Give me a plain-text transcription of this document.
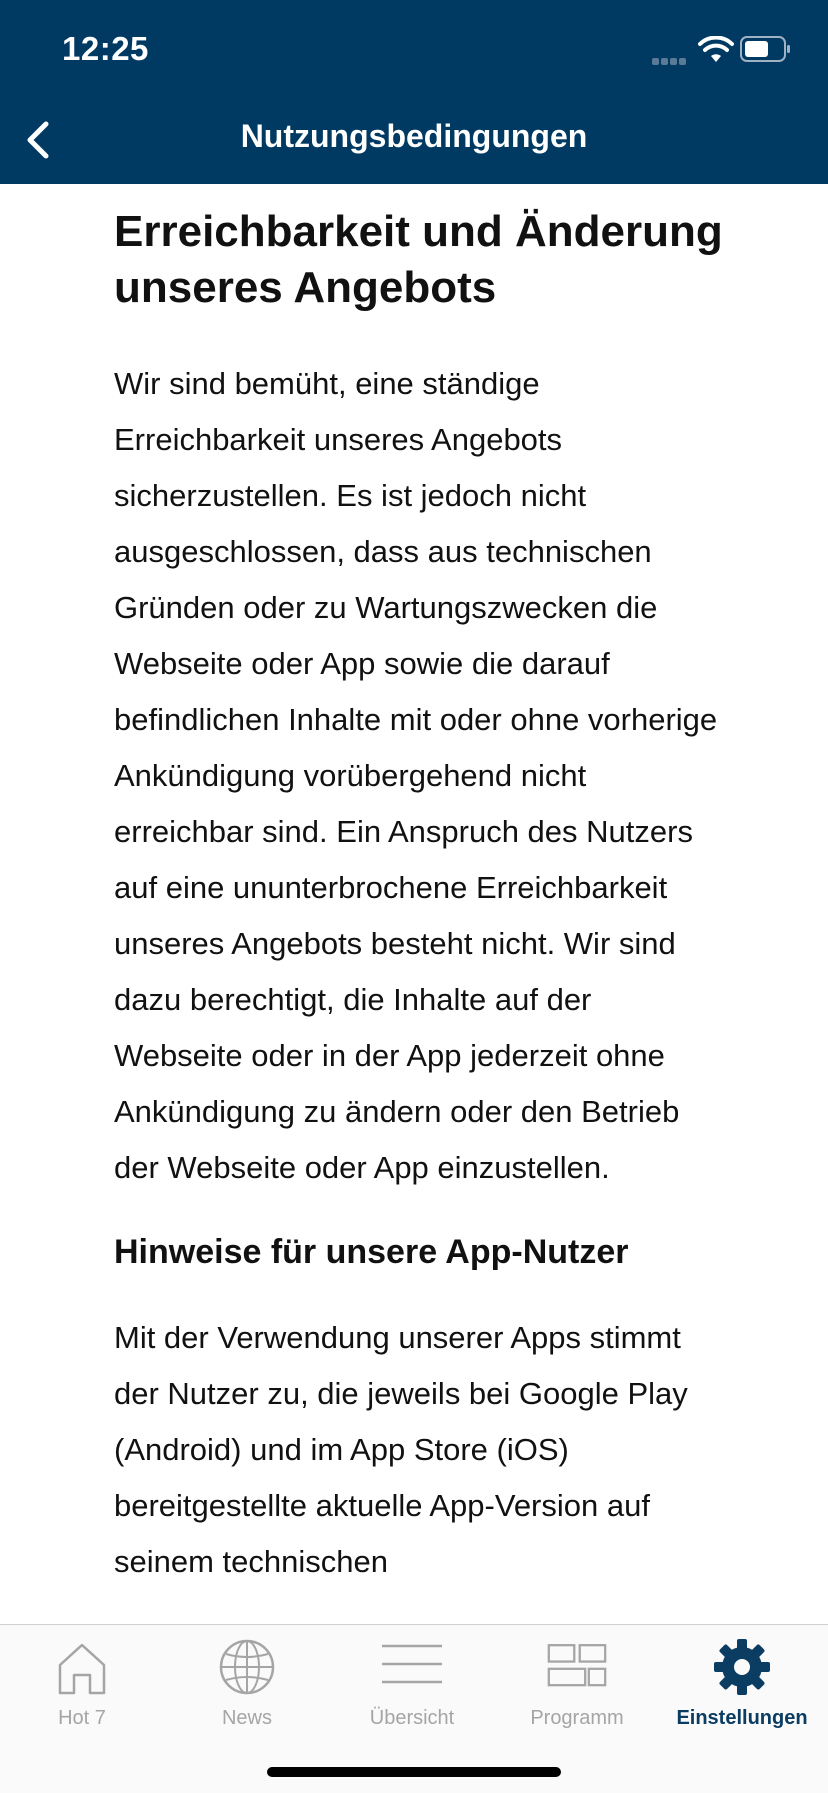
12:25
Nutzungsbedingungen
Erreichbarkeit und Änderung unseres Angebots
Wir sind bemüht, eine ständige Erreichbarkeit unseres Angebots sicherzustellen. Es ist jedoch nicht ausgeschlossen, dass aus technischen Gründen oder zu Wartungszwecken die Webseite oder App sowie die darauf befindlichen Inhalte mit oder ohne vorherige Ankündigung vorübergehend nicht erreichbar sind. Ein Anspruch des Nutzers auf eine ununterbrochene Erreichbarkeit unseres Angebots besteht nicht. Wir sind dazu berechtigt, die Inhalte auf der Webseite oder in der App jederzeit ohne Ankündigung zu ändern oder den Betrieb der Webseite oder App einzustellen.
Hinweise für unsere App-Nutzer
Mit der Verwendung unserer Apps stimmt der Nutzer zu, die jeweils bei Google Play (Android) und im App Store (iOS) bereitgestellte aktuelle App-Version auf seinem technischen
Hot 7	News	Übersicht	Programm	Einstellungen
